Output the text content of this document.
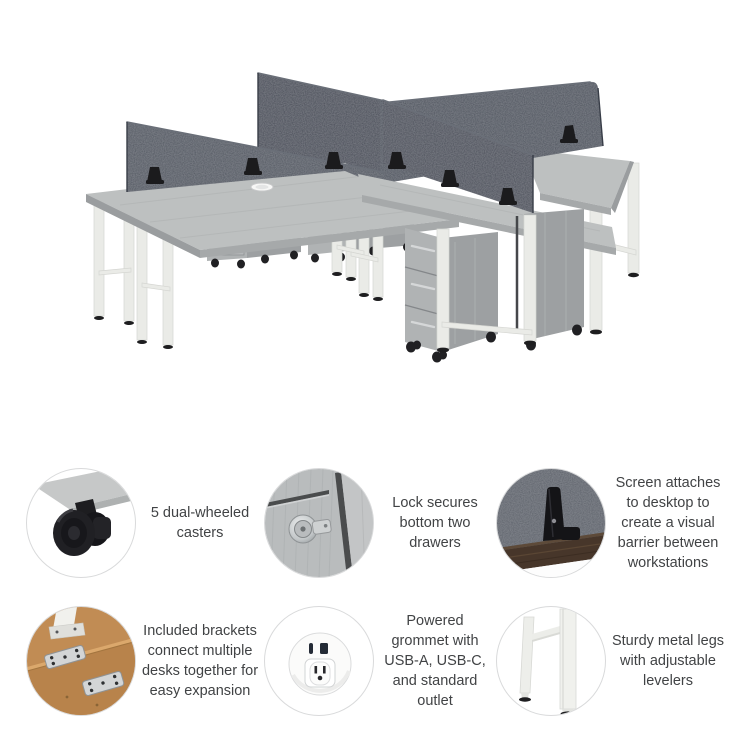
5 dual-wheeled
casters
Lock secures
bottom two
drawers
Screen attaches
to desktop to
create a visual
barrier between
workstations
Included brackets
connect multiple
desks together for
easy expansion
Powered
grommet with
USB-A, USB-C,
and standard
outlet
Sturdy metal legs
with adjustable
levelers
